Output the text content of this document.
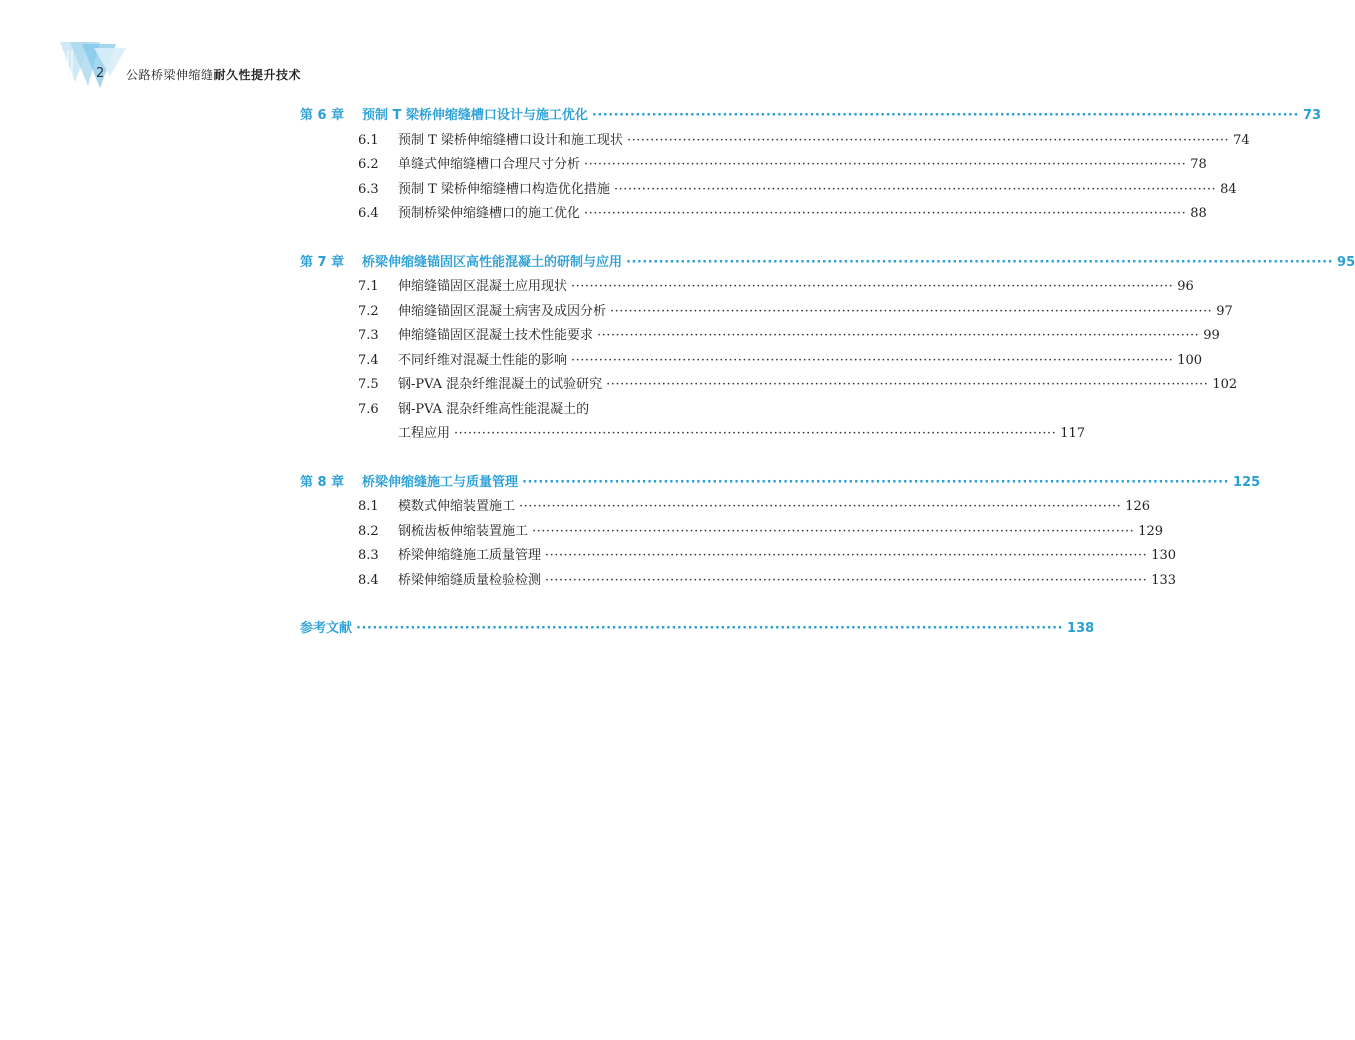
2 公路桥梁伸缩缝耐久性提升技术
第 6 章	预制 T 梁桥伸缩缝槽口设计与施工优化 ·····	73
6.1	预制 T 梁桥伸缩缝槽口设计和施工现状 ·····	74
6.2	单缝式伸缩缝槽口合理尺寸分析 ·····	78
6.3	预制 T 梁桥伸缩缝槽口构造优化措施 ·····	84
6.4	预制桥梁伸缩缝槽口的施工优化 ·····	88
第 7 章	桥梁伸缩缝锚固区高性能混凝土的研制与应用 ·····	95
7.1	伸缩缝锚固区混凝土应用现状 ·····	96
7.2	伸缩缝锚固区混凝土病害及成因分析 ·····	97
7.3	伸缩缝锚固区混凝土技术性能要求 ·····	99
7.4	不同纤维对混凝土性能的影响 ·····	100
7.5	钢-PVA 混杂纤维混凝土的试验研究 ·····	102
7.6	钢-PVA 混杂纤维高性能混凝土的
工程应用 ·····	117
第 8 章	桥梁伸缩缝施工与质量管理 ·····	125
8.1	模数式伸缩装置施工 ·····	126
8.2	钢梳齿板伸缩装置施工 ·····	129
8.3	桥梁伸缩缝施工质量管理 ·····	130
8.4	桥梁伸缩缝质量检验检测 ·····	133
参考文献 ·····	138
